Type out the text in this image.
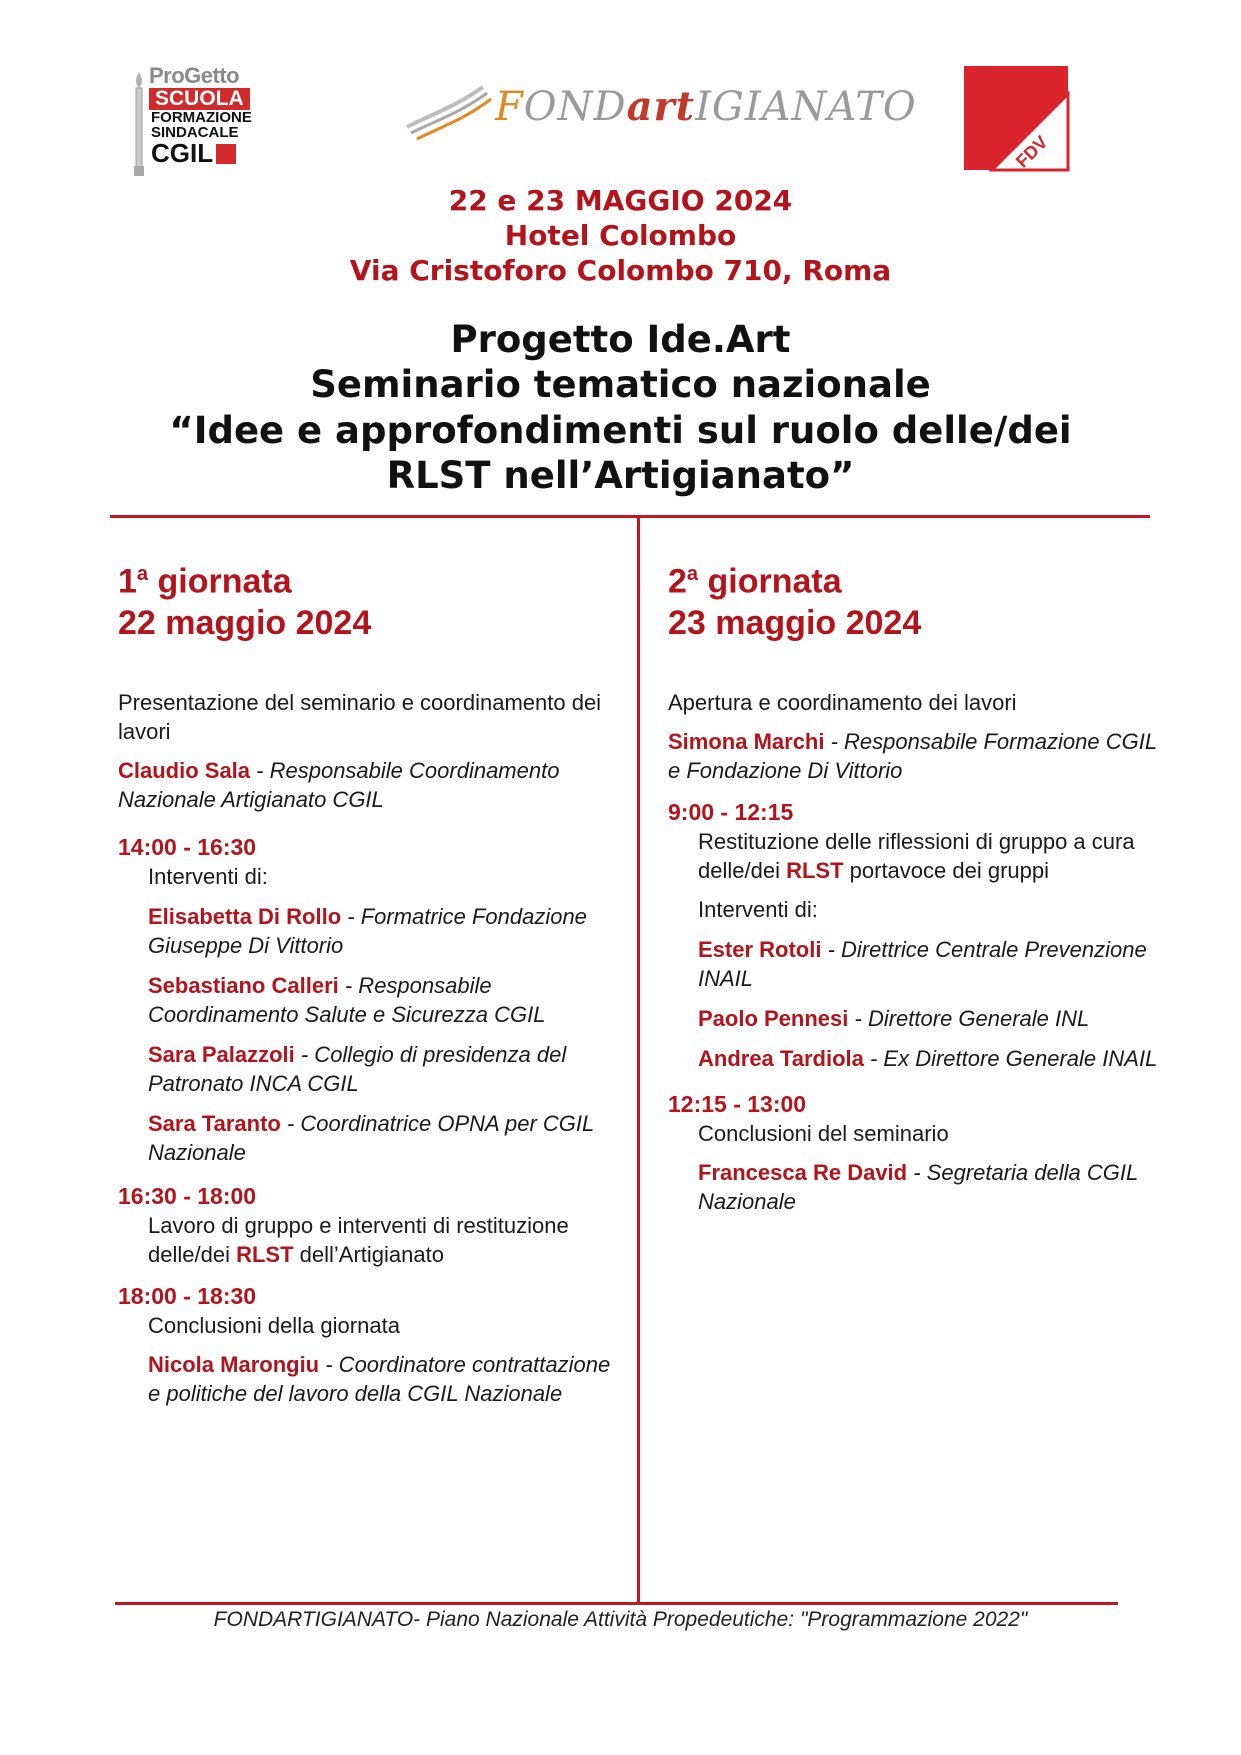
ProGetto
SCUOLA
FORMAZIONE
SINDACALE
CGIL
FONDartIGIANATO
FDV
22 e 23 MAGGIO 2024
Hotel Colombo
Via Cristoforo Colombo 710, Roma
Progetto Ide.Art
Seminario tematico nazionale
“Idee e approfondimenti sul ruolo delle/dei
RLST nell’Artigianato”
1$^a$ giornata
22 maggio 2024
Presentazione del seminario e coordinamento dei lavori
Claudio Sala - Responsabile Coordinamento Nazionale Artigianato CGIL
14:00 - 16:30
Interventi di:
Elisabetta Di Rollo - Formatrice Fondazione Giuseppe Di Vittorio
Sebastiano Calleri - Responsabile Coordinamento Salute e Sicurezza CGIL
Sara Palazzoli - Collegio di presidenza del Patronato INCA CGIL
Sara Taranto - Coordinatrice OPNA per CGIL Nazionale
16:30 - 18:00
Lavoro di gruppo e interventi di restituzione delle/dei RLST dell’Artigianato
18:00 - 18:30
Conclusioni della giornata
Nicola Marongiu - Coordinatore contrattazione e politiche del lavoro della CGIL Nazionale
2$^a$ giornata
23 maggio 2024
Apertura e coordinamento dei lavori
Simona Marchi - Responsabile Formazione CGIL e Fondazione Di Vittorio
9:00 - 12:15
Restituzione delle riflessioni di gruppo a cura delle/dei RLST portavoce dei gruppi
Interventi di:
Ester Rotoli - Direttrice Centrale Prevenzione INAIL
Paolo Pennesi - Direttore Generale INL
Andrea Tardiola - Ex Direttore Generale INAIL
12:15 - 13:00
Conclusioni del seminario
Francesca Re David - Segretaria della CGIL Nazionale
FONDARTIGIANATO- Piano Nazionale Attività Propedeutiche: "Programmazione 2022"
